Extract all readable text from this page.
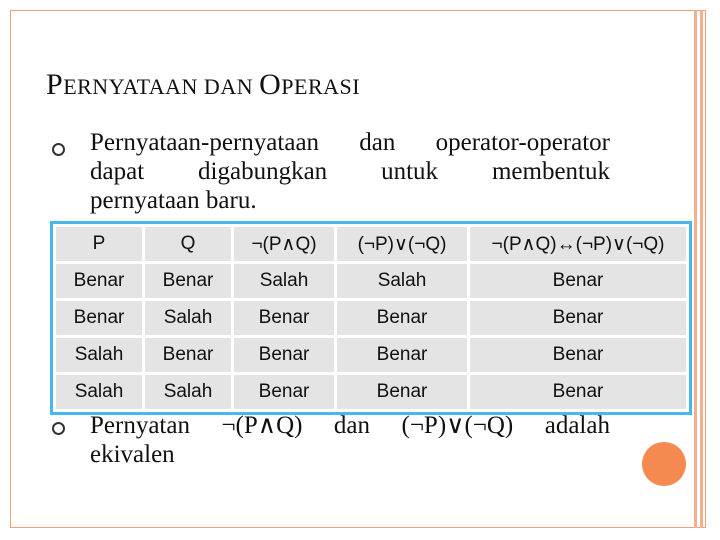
PERNYATAAN DAN OPERASI
Pernyataan-pernyataan dan operator-operator
dapat digabungkan untuk membentuk
pernyataan baru.
P	Q	¬(P∧Q)	(¬P)∨(¬Q)	¬(P∧Q)↔(¬P)∨(¬Q)
Benar	Benar	Salah	Salah	Benar
Benar	Salah	Benar	Benar	Benar
Salah	Benar	Benar	Benar	Benar
Salah	Salah	Benar	Benar	Benar
Pernyatan ¬(P∧Q) dan (¬P)∨(¬Q) adalah
ekivalen
